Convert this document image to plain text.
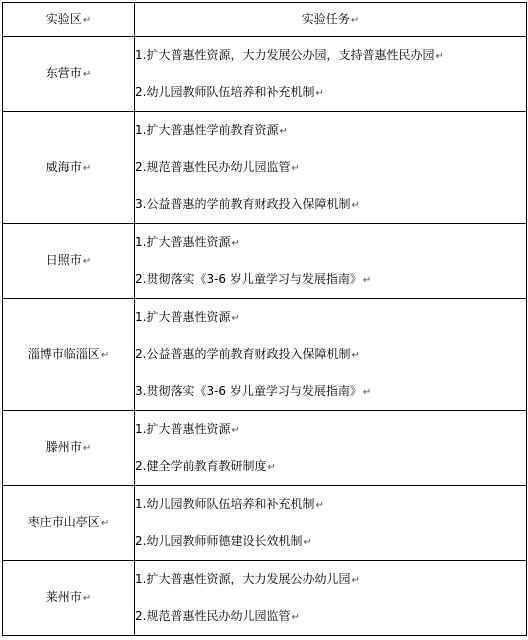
实验区↵	实验任务↵
东营市↵	1.扩大普惠性资源，大力发展公办园，支持普惠性民办园↵
2.幼儿园教师队伍培养和补充机制↵

威海市↵	1.扩大普惠性学前教育资源↵
2.规范普惠性民办幼儿园监管↵
3.公益普惠的学前教育财政投入保障机制↵

日照市↵	1.扩大普惠性资源↵
2.贯彻落实《3-6 岁儿童学习与发展指南》↵

淄博市临淄区↵	1.扩大普惠性资源↵
2.公益普惠的学前教育财政投入保障机制↵
3.贯彻落实《3-6 岁儿童学习与发展指南》↵

滕州市↵	1.扩大普惠性资源↵
2.健全学前教育教研制度↵

枣庄市山亭区↵	1.幼儿园教师队伍培养和补充机制↵
2.幼儿园教师师德建设长效机制↵

莱州市↵	1.扩大普惠性资源，大力发展公办幼儿园↵
2.规范普惠性民办幼儿园监管↵
